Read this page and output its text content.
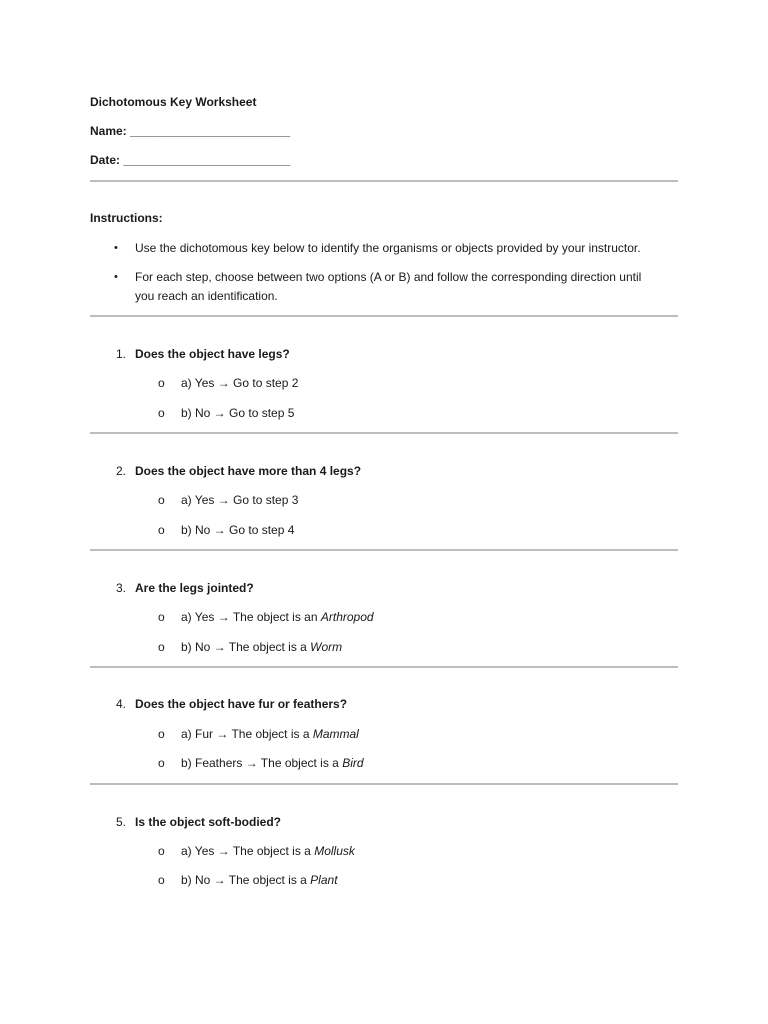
Dichotomous Key Worksheet
Name: ________________________
Date: _________________________
Instructions:
• Use the dichotomous key below to identify the organisms or objects provided by your instructor.
• For each step, choose between two options (A or B) and follow the corresponding direction until
you reach an identification.
1. Does the object have legs?
o a) Yes → Go to step 2
o b) No → Go to step 5
2. Does the object have more than 4 legs?
o a) Yes → Go to step 3
o b) No → Go to step 4
3. Are the legs jointed?
o a) Yes → The object is an Arthropod
o b) No → The object is a Worm
4. Does the object have fur or feathers?
o a) Fur → The object is a Mammal
o b) Feathers → The object is a Bird
5. Is the object soft-bodied?
o a) Yes → The object is a Mollusk
o b) No → The object is a Plant
